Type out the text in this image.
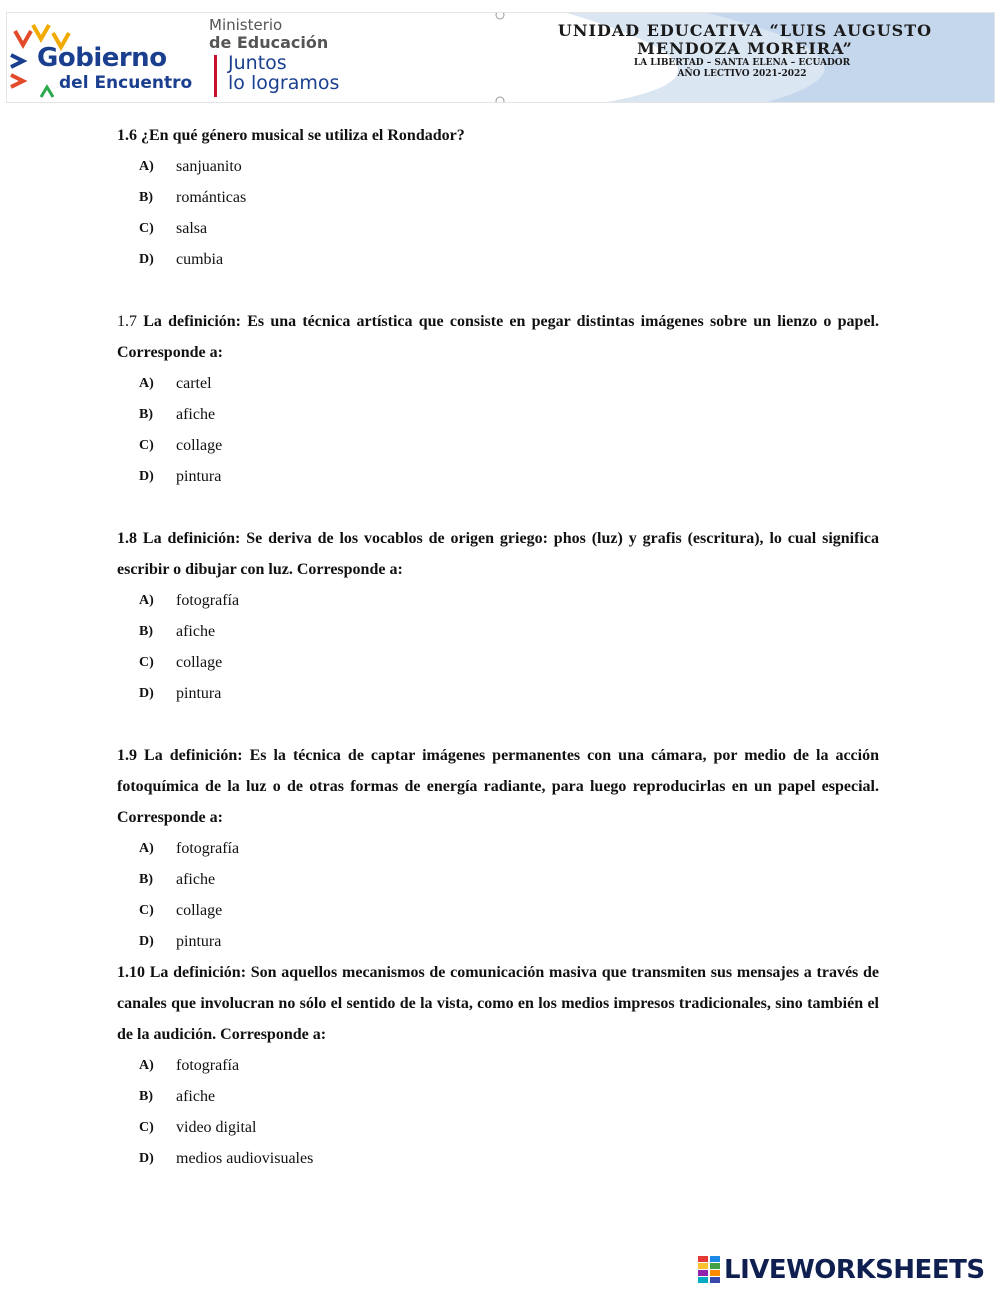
Gobierno
del Encuentro
Ministerio
de Educación
Juntos
lo logramos
UNIDAD EDUCATIVA “LUIS AUGUSTO
MENDOZA MOREIRA”
LA LIBERTAD – SANTA ELENA – ECUADOR
AÑO LECTIVO 2021-2022

1.6 ¿En qué género musical se utiliza el Rondador?

A)	sanjuanito
B)	románticas
C)	salsa
D)	cumbia

1.7 La definición: Es una técnica artística que consiste en pegar distintas imágenes sobre un lienzo o papel. Corresponde a:

A)	cartel
B)	afiche
C)	collage
D)	pintura

1.8 La definición: Se deriva de los vocablos de origen griego: phos (luz) y grafis (escritura), lo cual significa escribir o dibujar con luz. Corresponde a:

A)	fotografía
B)	afiche
C)	collage
D)	pintura

1.9 La definición: Es la técnica de captar imágenes permanentes con una cámara, por medio de la acción fotoquímica de la luz o de otras formas de energía radiante, para luego reproducirlas en un papel especial. Corresponde a:

A)	fotografía
B)	afiche
C)	collage
D)	pintura

1.10 La definición: Son aquellos mecanismos de comunicación masiva que transmiten sus mensajes a través de canales que involucran no sólo el sentido de la vista, como en los medios impresos tradicionales, sino también el de la audición. Corresponde a:

A)	fotografía
B)	afiche
C)	video digital
D)	medios audiovisuales
LIVEWORKSHEETS
